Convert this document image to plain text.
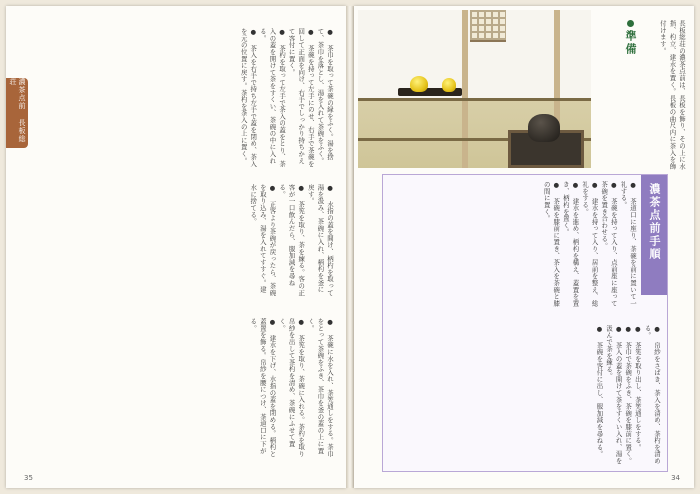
濃茶点前 長板総荘	● 茶巾を取って茶碗の縁をふく。湯を捨て、茶巾を落とし、湯を入れて茶碗をふく。

● 茶碗を持って左手にのせ、右手で茶碗を回して正面を向け、右手でしっかり持ちかえて客付に置く。

● 茶杓を取って左手で茶入の蓋をとり、茶入の蓋を開けて茶をすくい、茶碗の中に入れる。

● 茶入を右手で持ち左手で蓋を閉め、茶入を元の位置に戻す。茶杓を茶入の上に置く。

● 水指の蓋を開け、柄杓を取って湯を汲み、茶碗に入れ、柄杓を釜に戻す。

● 茶筅を取り、茶を練る。客の正客が一口飲んだら、服加減を尋ねる。

● 正客より茶碗が戻ったら、茶碗を取り込み、湯を入れてすすぐ。建水に捨てる。

● 茶碗に水を入れ、茶筅通しをする。茶巾をとって茶碗をふき、茶巾を釜の蓋の上に置く。

● 茶筅を取り、茶碗に入れる。茶杓を取り帛紗を出して茶杓を清め、茶碗にふせて置く。

● 建水を下げ、水指の蓋を閉める。柄杓と蓋置を飾る。帛紗を腰につけ、茶道口に下がる。

35
準備	長板総荘の濃茶点前は、長板を飾り、その上に水指、杓立、建水を置く。長板の曲尺内に茶入を飾付けます。
濃茶点前手順

● 茶道口に座り、茶碗を前に置いて一礼する。

● 茶碗を持って入り、点前座に座って茶碗を置き合わせる。

● 建水を持って入り、居前を整え、総礼をする。

● 建水を進め、柄杓を構え、蓋置を置き、柄杓を置く。

● 茶碗を膝前に置き、茶入を茶碗と膝の間に置く。

● 帛紗をさばき、茶入を清め、茶杓を清める。

● 茶筅を取り出し、茶筅通しをする。

● 茶巾で茶碗をふき、茶碗を膝前に置く。

● 茶入の蓋を開けて茶をすくい入れ、湯を汲んで茶を練る。

● 茶碗を客付に出し、服加減を尋ねる。

34
